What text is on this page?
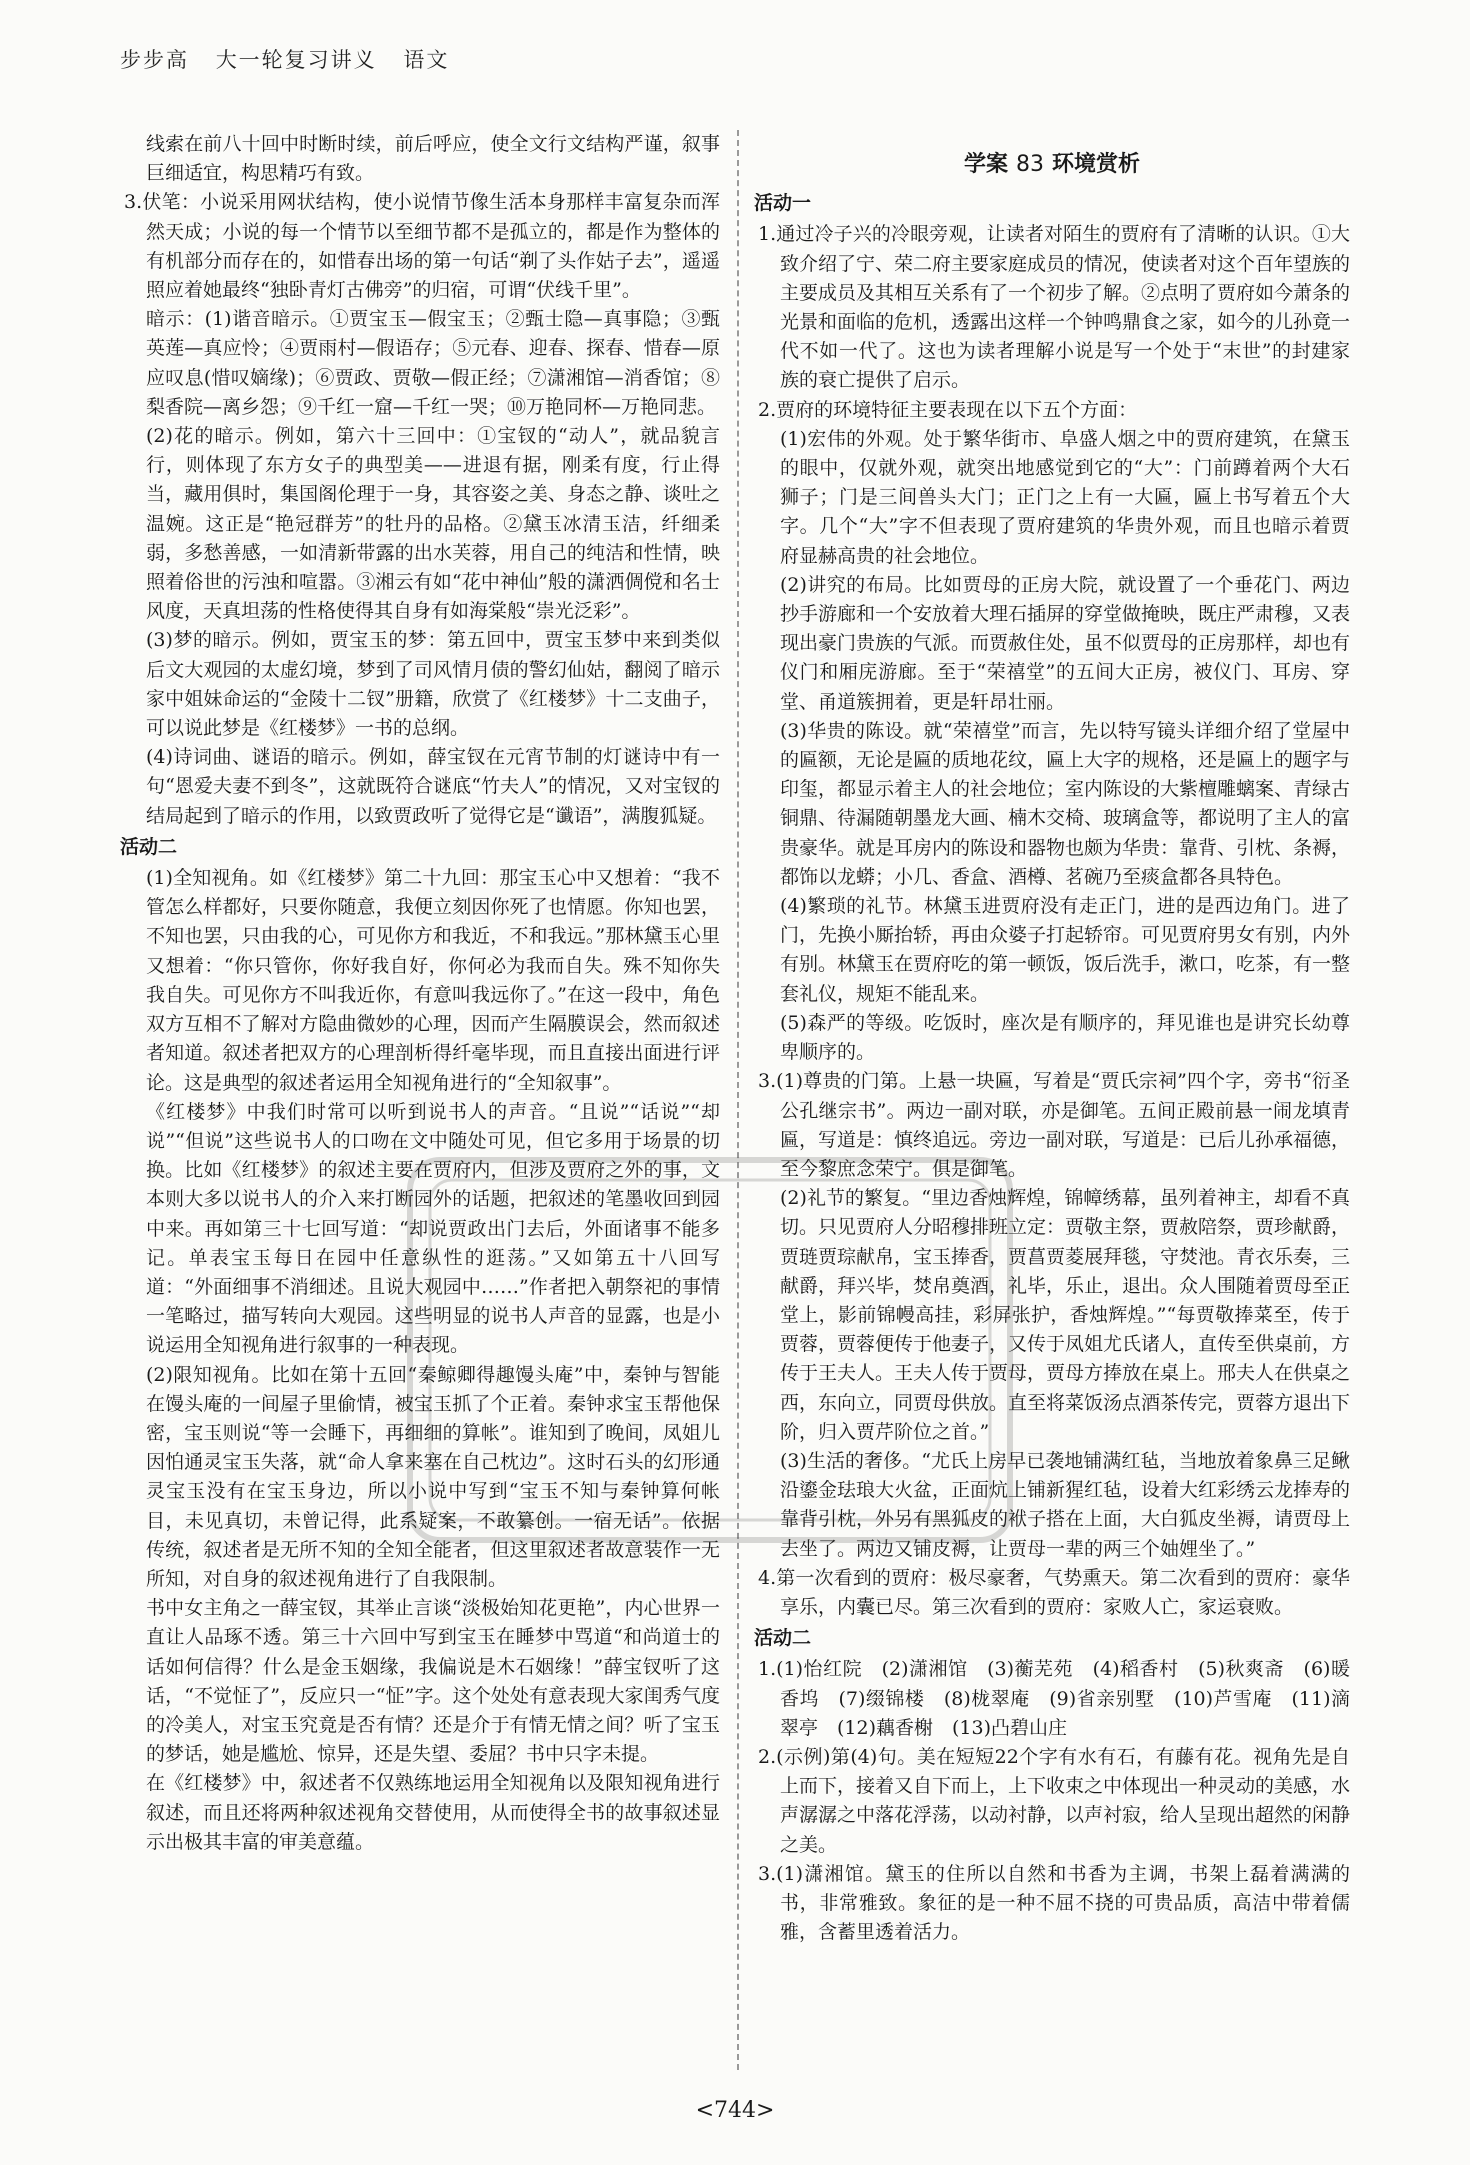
步步高 大一轮复习讲义 语文

线索在前八十回中时断时续，前后呼应，使全文行文结构严谨，叙事巨细适宜，构思精巧有致。

3.伏笔：小说采用网状结构，使小说情节像生活本身那样丰富复杂而浑然天成；小说的每一个情节以至细节都不是孤立的，都是作为整体的有机部分而存在的，如惜春出场的第一句话“剃了头作姑子去”，遥遥照应着她最终“独卧青灯古佛旁”的归宿，可谓“伏线千里”。

暗示：(1)谐音暗示。①贾宝玉—假宝玉；②甄士隐—真事隐；③甄英莲—真应怜；④贾雨村—假语存；⑤元春、迎春、探春、惜春—原应叹息(惜叹嫡缘)；⑥贾政、贾敬—假正经；⑦潇湘馆—消香馆；⑧梨香院—离乡怨；⑨千红一窟—千红一哭；⑩万艳同杯—万艳同悲。

(2)花的暗示。例如，第六十三回中：①宝钗的“动人”，就品貌言行，则体现了东方女子的典型美——进退有据，刚柔有度，行止得当，藏用俱时，集国阁伦理于一身，其容姿之美、身态之静、谈吐之温婉。这正是“艳冠群芳”的牡丹的品格。②黛玉冰清玉洁，纤细柔弱，多愁善感，一如清新带露的出水芙蓉，用自己的纯洁和性情，映照着俗世的污浊和喧嚣。③湘云有如“花中神仙”般的潇洒倜傥和名士风度，天真坦荡的性格使得其自身有如海棠般“崇光泛彩”。

(3)梦的暗示。例如，贾宝玉的梦：第五回中，贾宝玉梦中来到类似后文大观园的太虚幻境，梦到了司风情月债的警幻仙姑，翻阅了暗示家中姐妹命运的“金陵十二钗”册籍，欣赏了《红楼梦》十二支曲子，可以说此梦是《红楼梦》一书的总纲。

(4)诗词曲、谜语的暗示。例如，薛宝钗在元宵节制的灯谜诗中有一句“恩爱夫妻不到冬”，这就既符合谜底“竹夫人”的情况，又对宝钗的结局起到了暗示的作用，以致贾政听了觉得它是“谶语”，满腹狐疑。

活动二

(1)全知视角。如《红楼梦》第二十九回：那宝玉心中又想着：“我不管怎么样都好，只要你随意，我便立刻因你死了也情愿。你知也罢，不知也罢，只由我的心，可见你方和我近，不和我远。”那林黛玉心里又想着：“你只管你，你好我自好，你何必为我而自失。殊不知你失我自失。可见你方不叫我近你，有意叫我远你了。”在这一段中，角色双方互相不了解对方隐曲微妙的心理，因而产生隔膜误会，然而叙述者知道。叙述者把双方的心理剖析得纤毫毕现，而且直接出面进行评论。这是典型的叙述者运用全知视角进行的“全知叙事”。

《红楼梦》中我们时常可以听到说书人的声音。“且说”“话说”“却说”“但说”这些说书人的口吻在文中随处可见，但它多用于场景的切换。比如《红楼梦》的叙述主要在贾府内，但涉及贾府之外的事，文本则大多以说书人的介入来打断园外的话题，把叙述的笔墨收回到园中来。再如第三十七回写道：“却说贾政出门去后，外面诸事不能多记。单表宝玉每日在园中任意纵性的逛荡。”又如第五十八回写道：“外面细事不消细述。且说大观园中……”作者把入朝祭祀的事情一笔略过，描写转向大观园。这些明显的说书人声音的显露，也是小说运用全知视角进行叙事的一种表现。

(2)限知视角。比如在第十五回“秦鲸卿得趣馒头庵”中，秦钟与智能在馒头庵的一间屋子里偷情，被宝玉抓了个正着。秦钟求宝玉帮他保密，宝玉则说“等一会睡下，再细细的算帐”。谁知到了晚间，凤姐儿因怕通灵宝玉失落，就“命人拿来塞在自己枕边”。这时石头的幻形通灵宝玉没有在宝玉身边，所以小说中写到“宝玉不知与秦钟算何帐目，未见真切，未曾记得，此系疑案，不敢纂创。一宿无话”。依据传统，叙述者是无所不知的全知全能者，但这里叙述者故意装作一无所知，对自身的叙述视角进行了自我限制。

书中女主角之一薛宝钗，其举止言谈“淡极始知花更艳”，内心世界一直让人品琢不透。第三十六回中写到宝玉在睡梦中骂道“和尚道士的话如何信得？什么是金玉姻缘，我偏说是木石姻缘！”薛宝钗听了这话，“不觉怔了”，反应只一“怔”字。这个处处有意表现大家闺秀气度的冷美人，对宝玉究竟是否有情？还是介于有情无情之间？听了宝玉的梦话，她是尴尬、惊异，还是失望、委屈？书中只字未提。

在《红楼梦》中，叙述者不仅熟练地运用全知视角以及限知视角进行叙述，而且还将两种叙述视角交替使用，从而使得全书的故事叙述显示出极其丰富的审美意蕴。

学案 83 环境赏析

活动一

1.通过冷子兴的冷眼旁观，让读者对陌生的贾府有了清晰的认识。①大致介绍了宁、荣二府主要家庭成员的情况，使读者对这个百年望族的主要成员及其相互关系有了一个初步了解。②点明了贾府如今萧条的光景和面临的危机，透露出这样一个钟鸣鼎食之家，如今的儿孙竟一代不如一代了。这也为读者理解小说是写一个处于“末世”的封建家族的衰亡提供了启示。

2.贾府的环境特征主要表现在以下五个方面：

(1)宏伟的外观。处于繁华街市、阜盛人烟之中的贾府建筑，在黛玉的眼中，仅就外观，就突出地感觉到它的“大”：门前蹲着两个大石狮子；门是三间兽头大门；正门之上有一大匾，匾上书写着五个大字。几个“大”字不但表现了贾府建筑的华贵外观，而且也暗示着贾府显赫高贵的社会地位。

(2)讲究的布局。比如贾母的正房大院，就设置了一个垂花门、两边抄手游廊和一个安放着大理石插屏的穿堂做掩映，既庄严肃穆，又表现出豪门贵族的气派。而贾赦住处，虽不似贾母的正房那样，却也有仪门和厢庑游廊。至于“荣禧堂”的五间大正房，被仪门、耳房、穿堂、甬道簇拥着，更是轩昂壮丽。

(3)华贵的陈设。就“荣禧堂”而言，先以特写镜头详细介绍了堂屋中的匾额，无论是匾的质地花纹，匾上大字的规格，还是匾上的题字与印玺，都显示着主人的社会地位；室内陈设的大紫檀雕螭案、青绿古铜鼎、待漏随朝墨龙大画、楠木交椅、玻璃盒等，都说明了主人的富贵豪华。就是耳房内的陈设和器物也颇为华贵：靠背、引枕、条褥，都饰以龙蟒；小几、香盒、酒樽、茗碗乃至痰盒都各具特色。

(4)繁琐的礼节。林黛玉进贾府没有走正门，进的是西边角门。进了门，先换小厮抬轿，再由众婆子打起轿帘。可见贾府男女有别，内外有别。林黛玉在贾府吃的第一顿饭，饭后洗手，漱口，吃茶，有一整套礼仪，规矩不能乱来。

(5)森严的等级。吃饭时，座次是有顺序的，拜见谁也是讲究长幼尊卑顺序的。

3.(1)尊贵的门第。上悬一块匾，写着是“贾氏宗祠”四个字，旁书“衍圣公孔继宗书”。两边一副对联，亦是御笔。五间正殿前悬一闹龙填青匾，写道是：慎终追远。旁边一副对联，写道是：已后儿孙承福德，至今黎庶念荣宁。俱是御笔。

(2)礼节的繁复。“里边香烛辉煌，锦幛绣幕，虽列着神主，却看不真切。只见贾府人分昭穆排班立定：贾敬主祭，贾赦陪祭，贾珍献爵，贾琏贾琮献帛，宝玉捧香，贾菖贾菱展拜毯，守焚池。青衣乐奏，三献爵，拜兴毕，焚帛奠酒，礼毕，乐止，退出。众人围随着贾母至正堂上，影前锦幔高挂，彩屏张护，香烛辉煌。”“每贾敬捧菜至，传于贾蓉，贾蓉便传于他妻子，又传于凤姐尤氏诸人，直传至供桌前，方传于王夫人。王夫人传于贾母，贾母方捧放在桌上。邢夫人在供桌之西，东向立，同贾母供放。直至将菜饭汤点酒茶传完，贾蓉方退出下阶，归入贾芹阶位之首。”

(3)生活的奢侈。“尤氏上房早已袭地铺满红毡，当地放着象鼻三足鳅沿鎏金珐琅大火盆，正面炕上铺新猩红毡，设着大红彩绣云龙捧寿的靠背引枕，外另有黑狐皮的袱子搭在上面，大白狐皮坐褥，请贾母上去坐了。两边又铺皮褥，让贾母一辈的两三个妯娌坐了。”

4.第一次看到的贾府：极尽豪奢，气势熏天。第二次看到的贾府：豪华享乐，内囊已尽。第三次看到的贾府：家败人亡，家运衰败。

活动二

1.(1)怡红院　(2)潇湘馆　(3)蘅芜苑　(4)稻香村　(5)秋爽斋　(6)暖香坞　(7)缀锦楼　(8)栊翠庵　(9)省亲别墅　(10)芦雪庵　(11)滴翠亭　(12)藕香榭　(13)凸碧山庄

2.(示例)第(4)句。美在短短22个字有水有石，有藤有花。视角先是自上而下，接着又自下而上，上下收束之中体现出一种灵动的美感，水声潺潺之中落花浮荡，以动衬静，以声衬寂，给人呈现出超然的闲静之美。

3.(1)潇湘馆。黛玉的住所以自然和书香为主调，书架上磊着满满的书，非常雅致。象征的是一种不屈不挠的可贵品质，高洁中带着儒雅，含蓄里透着活力。

<744>
